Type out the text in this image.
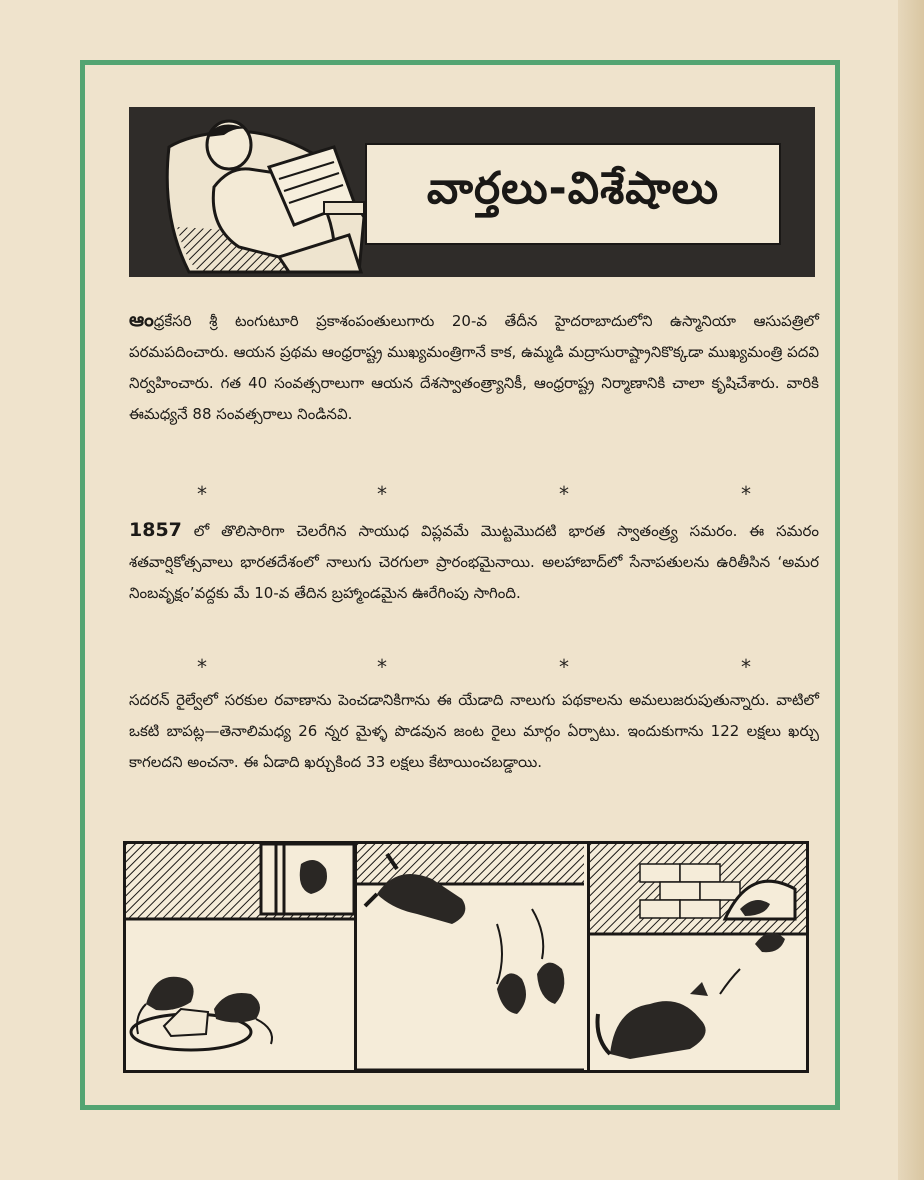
వార్తలు-విశేషాలు
ఆంధ్రకేసరి శ్రీ టంగుటూరి ప్రకాశంపంతులుగారు 20-వ తేదీన హైదరాబాదులోని ఉస్మానియా ఆసుపత్రిలో పరమపదించారు. ఆయన ప్రథమ ఆంధ్రరాష్ట్ర ముఖ్యమంత్రిగానే కాక, ఉమ్మడి మద్రాసురాష్ట్రానికొక్కడా ముఖ్యమంత్రి పదవి నిర్వహించారు. గత 40 సంవత్సరాలుగా ఆయన దేశస్వాతంత్ర్యానికీ, ఆంధ్రరాష్ట్ర నిర్మాణానికి చాలా కృషిచేశారు. వారికి ఈమధ్యనే 88 సంవత్సరాలు నిండినవి.
*	*	*	*
1857 లో తొలిసారిగా చెలరేగిన సాయుధ విప్లవమే మొట్టమొదటి భారత స్వాతంత్ర్య సమరం. ఈ సమరం శతవార్షికోత్సవాలు భారతదేశంలో నాలుగు చెరగులా ప్రారంభమైనాయి. అలహాబాద్‌లో సేనాపతులను ఉరితీసిన ‘అమర నింబవృక్షం’వద్దకు మే 10-వ తేదిన బ్రహ్మాండమైన ఊరేగింపు సాగింది.
*	*	*	*
సదరన్ రైల్వేలో సరకుల రవాణాను పెంచడానికిగాను ఈ యేడాది నాలుగు పథకాలను అమలుజరుపుతున్నారు. వాటిలో ఒకటి బాపట్ల—తెనాలిమధ్య 26 న్నర మైళ్ళ పొడవున జంట రైలు మార్గం ఏర్పాటు. ఇందుకుగాను 122 లక్షలు ఖర్చు కాగలదని అంచనా. ఈ ఏడాది ఖర్చుకింద 33 లక్షలు కేటాయించబడ్డాయి.
